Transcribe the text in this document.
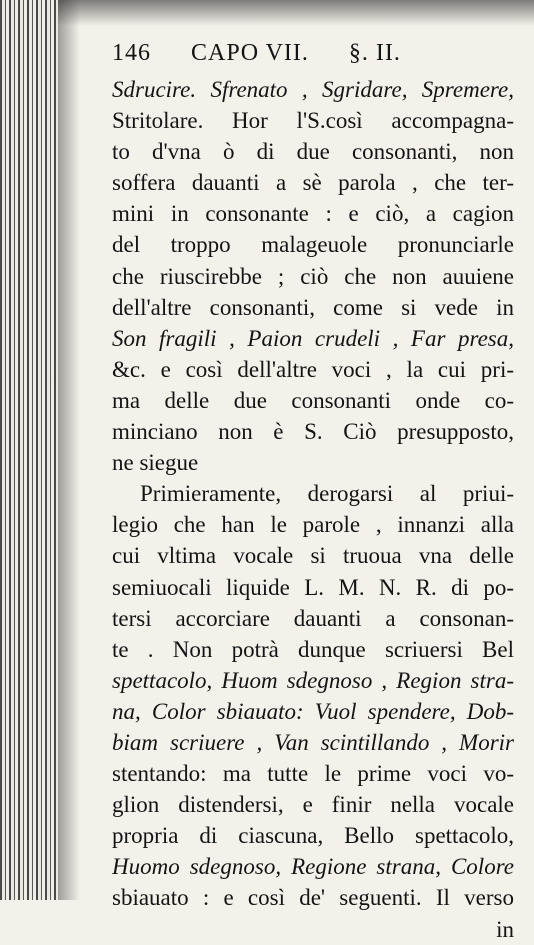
146 CAPO VII. §. II.
Sdrucire. Sfrenato , Sgridare, Spremere,
Stritolare. Hor l'S.così accompagna-
to d'vna ò di due consonanti, non
soffera dauanti a sè parola , che ter-
mini in consonante : e ciò, a cagion
del troppo malageuole pronunciarle
che riuscirebbe ; ciò che non auuiene
dell'altre consonanti, come si vede in
Son fragili , Paion crudeli , Far presa,
&c. e così dell'altre voci , la cui pri-
ma delle due consonanti onde co-
minciano non è S. Ciò presupposto,
ne siegue
Primieramente, derogarsi al priui-
legio che han le parole , innanzi alla
cui vltima vocale si truoua vna delle
semiuocali liquide L. M. N. R. di po-
tersi accorciare dauanti a consonan-
te . Non potrà dunque scriuersi Bel
spettacolo, Huom sdegnoso , Region stra-
na, Color sbiauato: Vuol spendere, Dob-
biam scriuere , Van scintillando , Morir
stentando: ma tutte le prime voci vo-
glion distendersi, e finir nella vocale
propria di ciascuna, Bello spettacolo,
Huomo sdegnoso, Regione strana, Colore
sbiauato : e così de' seguenti. Il verso
in
